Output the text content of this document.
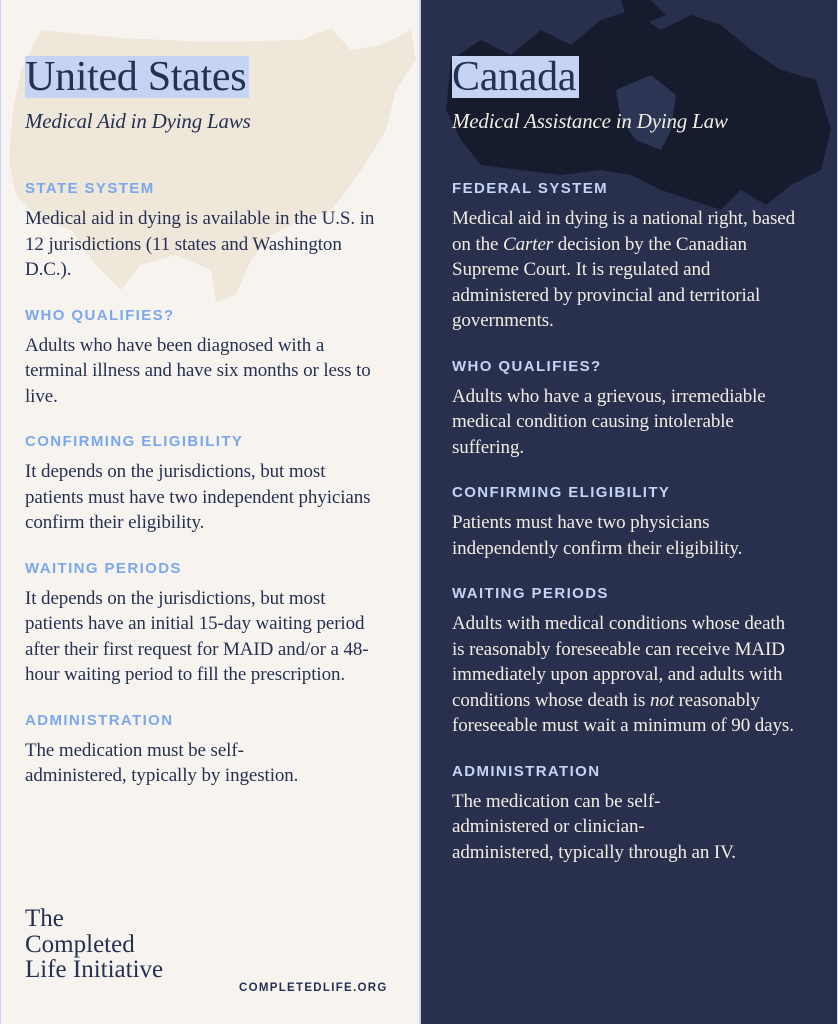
United States
Medical Aid in Dying Laws
STATE SYSTEM
Medical aid in dying is available in the U.S. in 12 jurisdictions (11 states and Washington D.C.).
WHO QUALIFIES?
Adults who have been diagnosed with a terminal illness and have six months or less to live.
CONFIRMING ELIGIBILITY
It depends on the jurisdictions, but most patients must have two independent phyicians confirm their eligibility.
WAITING PERIODS
It depends on the jurisdictions, but most patients have an initial 15-day waiting period after their first request for MAID and/or a 48-hour waiting period to fill the prescription.
ADMINISTRATION
The medication must be self-administered, typically by ingestion.
The
Completed
Life Initiative
COMPLETEDLIFE.ORG
Canada
Medical Assistance in Dying Law
FEDERAL SYSTEM
Medical aid in dying is a national right, based on the Carter decision by the Canadian Supreme Court. It is regulated and administered by provincial and territorial governments.
WHO QUALIFIES?
Adults who have a grievous, irremediable medical condition causing intolerable suffering.
CONFIRMING ELIGIBILITY
Patients must have two physicians independently confirm their eligibility.
WAITING PERIODS
Adults with medical conditions whose death is reasonably foreseeable can receive MAID immediately upon approval, and adults with conditions whose death is not reasonably foreseeable must wait a minimum of 90 days.
ADMINISTRATION
The medication can be self-administered or clinician-administered, typically through an IV.
